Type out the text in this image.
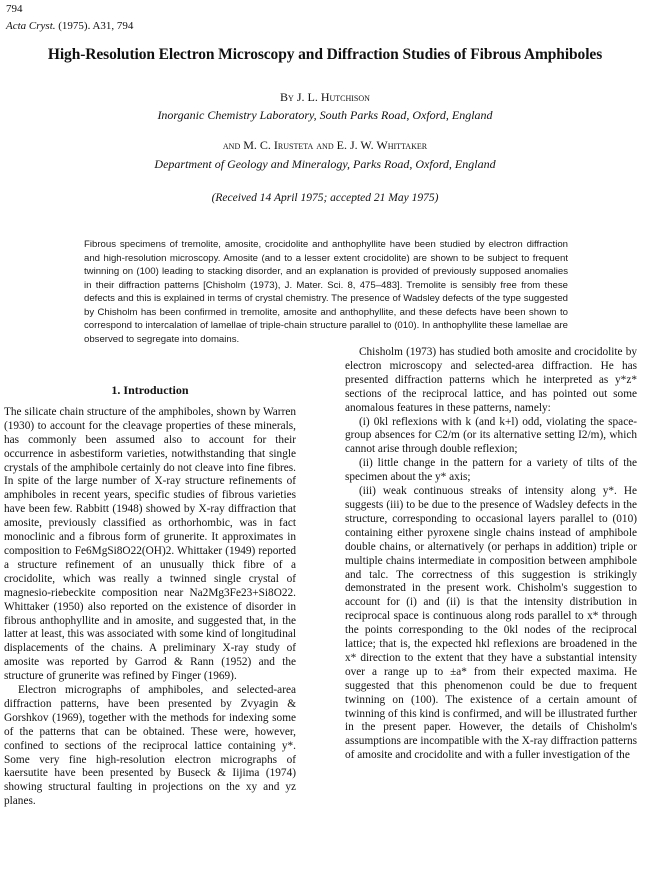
794
Acta Cryst. (1975). A31, 794
High-Resolution Electron Microscopy and Diffraction Studies of Fibrous Amphiboles
By J. L. Hutchison
Inorganic Chemistry Laboratory, South Parks Road, Oxford, England
and M. C. Irusteta and E. J. W. Whittaker
Department of Geology and Mineralogy, Parks Road, Oxford, England
(Received 14 April 1975; accepted 21 May 1975)
Fibrous specimens of tremolite, amosite, crocidolite and anthophyllite have been studied by electron diffraction and high-resolution microscopy. Amosite (and to a lesser extent crocidolite) are shown to be subject to frequent twinning on (100) leading to stacking disorder, and an explanation is provided of previously supposed anomalies in their diffraction patterns [Chisholm (1973), J. Mater. Sci. 8, 475–483]. Tremolite is sensibly free from these defects and this is explained in terms of crystal chemistry. The presence of Wadsley defects of the type suggested by Chisholm has been confirmed in tremolite, amosite and anthophyllite, and these defects have been shown to correspond to intercalation of lamellae of triple-chain structure parallel to (010). In anthophyllite these lamellae are observed to segregate into domains.
1. Introduction

The silicate chain structure of the amphiboles, shown by Warren (1930) to account for the cleavage properties of these minerals, has commonly been assumed also to account for their occurrence in asbestiform varieties, notwithstanding that single crystals of the amphibole certainly do not cleave into fine fibres. In spite of the large number of X-ray structure refinements of amphiboles in recent years, specific studies of fibrous varieties have been few. Rabbitt (1948) showed by X-ray diffraction that amosite, previously classified as orthorhombic, was in fact monoclinic and a fibrous form of grunerite. It approximates in composition to Fe6MgSi8O22(OH)2. Whittaker (1949) reported a structure refinement of an unusually thick fibre of a crocidolite, which was really a twinned single crystal of magnesio-riebeckite composition near Na2Mg3Fe23+Si8O22. Whittaker (1950) also reported on the existence of disorder in fibrous anthophyllite and in amosite, and suggested that, in the latter at least, this was associated with some kind of longitudinal displacements of the chains. A preliminary X-ray study of amosite was reported by Garrod & Rann (1952) and the structure of grunerite was refined by Finger (1969).

Electron micrographs of amphiboles, and selected-area diffraction patterns, have been presented by Zvyagin & Gorshkov (1969), together with the methods for indexing some of the patterns that can be obtained. These were, however, confined to sections of the reciprocal lattice containing y*. Some very fine high-resolution electron micrographs of kaersutite have been presented by Buseck & Iijima (1974) showing structural faulting in projections on the xy and yz planes.

Chisholm (1973) has studied both amosite and crocidolite by electron microscopy and selected-area diffraction. He has presented diffraction patterns which he interpreted as y*z* sections of the reciprocal lattice, and has pointed out some anomalous features in these patterns, namely:

(i) 0kl reflexions with k (and k+l) odd, violating the space-group absences for C2/m (or its alternative setting I2/m), which cannot arise through double reflexion;

(ii) little change in the pattern for a variety of tilts of the specimen about the y* axis;

(iii) weak continuous streaks of intensity along y*. He suggests (iii) to be due to the presence of Wadsley defects in the structure, corresponding to occasional layers parallel to (010) containing either pyroxene single chains instead of amphibole double chains, or alternatively (or perhaps in addition) triple or multiple chains intermediate in composition between amphibole and talc. The correctness of this suggestion is strikingly demonstrated in the present work. Chisholm's suggestion to account for (i) and (ii) is that the intensity distribution in reciprocal space is continuous along rods parallel to x* through the points corresponding to the 0kl nodes of the reciprocal lattice; that is, the expected hkl reflexions are broadened in the x* direction to the extent that they have a substantial intensity over a range up to ±a* from their expected maxima. He suggested that this phenomenon could be due to frequent twinning on (100). The existence of a certain amount of twinning of this kind is confirmed, and will be illustrated further in the present paper. However, the details of Chisholm's assumptions are incompatible with the X-ray diffraction patterns of amosite and crocidolite and with a fuller investigation of the
